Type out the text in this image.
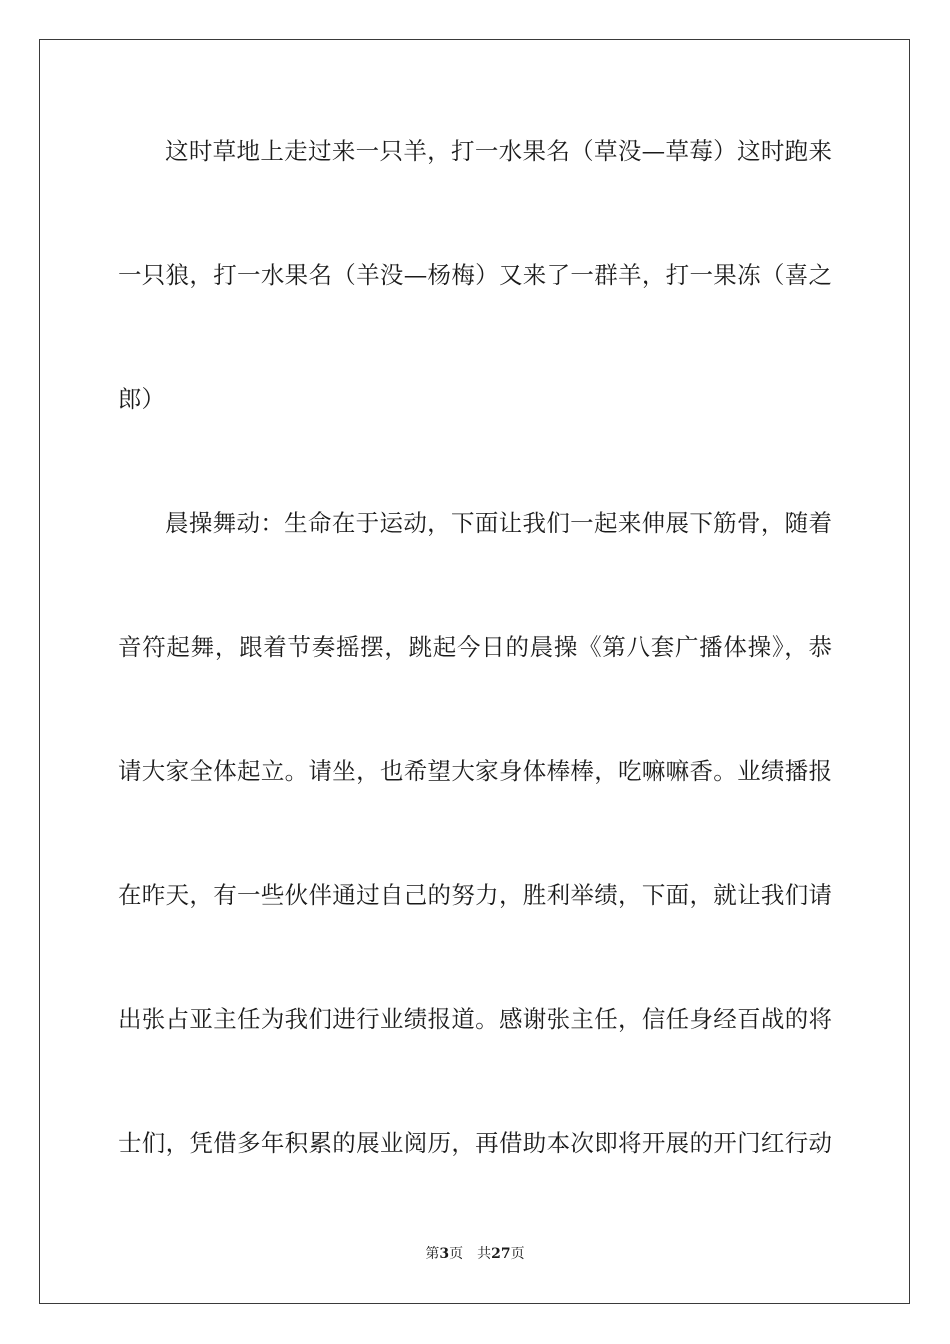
这时草地上走过来一只羊，打一水果名（草没—草莓）这时跑来
一只狼，打一水果名（羊没—杨梅）又来了一群羊，打一果冻（喜之
郎）
晨操舞动：生命在于运动，下面让我们一起来伸展下筋骨，随着
音符起舞，跟着节奏摇摆，跳起今日的晨操《第八套广播体操》，恭
请大家全体起立。请坐，也希望大家身体棒棒，吃嘛嘛香。业绩播报
在昨天，有一些伙伴通过自己的努力，胜利举绩，下面，就让我们请
出张占亚主任为我们进行业绩报道。感谢张主任，信任身经百战的将
士们，凭借多年积累的展业阅历，再借助本次即将开展的开门红行动
第3页 共27页
